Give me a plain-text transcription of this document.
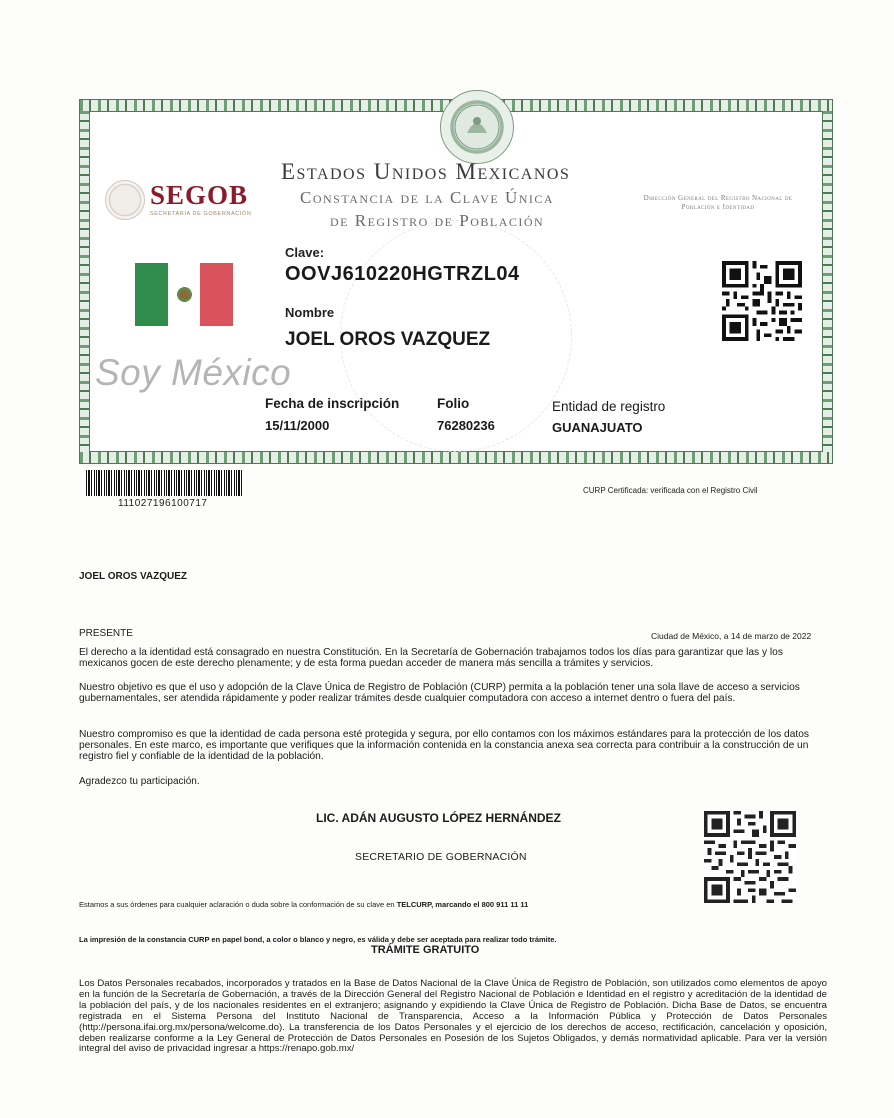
SEGOB
SECRETARÍA DE GOBERNACIÓN
Estados Unidos Mexicanos
Constancia de la Clave Única
de Registro de Población
Dirección General del Registro Nacional de Población e Identidad
Soy México
Clave:
OOVJ610220HGTRZL04
Nombre
JOEL OROS VAZQUEZ
Fecha de inscripción
15/11/2000
Folio
76280236
Entidad de registro
GUANAJUATO
111027196100717
CURP Certificada: verificada con el Registro Civil
JOEL OROS VAZQUEZ
PRESENTE	Ciudad de México, a 14 de marzo de 2022
El derecho a la identidad está consagrado en nuestra Constitución. En la Secretaría de Gobernación trabajamos todos los días para garantizar que las y los mexicanos gocen de este derecho plenamente; y de esta forma puedan acceder de manera más sencilla a trámites y servicios.
Nuestro objetivo es que el uso y adopción de la Clave Única de Registro de Población (CURP) permita a la población tener una sola llave de acceso a servicios gubernamentales, ser atendida rápidamente y poder realizar trámites desde cualquier computadora con acceso a internet dentro o fuera del país.
Nuestro compromiso es que la identidad de cada persona esté protegida y segura, por ello contamos con los máximos estándares para la protección de los datos personales. En este marco, es importante que verifiques que la información contenida en la constancia anexa sea correcta para contribuir a la construcción de un registro fiel y confiable de la identidad de la población.
Agradezco tu participación.
LIC. ADÁN AUGUSTO LÓPEZ HERNÁNDEZ
SECRETARIO DE GOBERNACIÓN
Estamos a sus órdenes para cualquier aclaración o duda sobre la conformación de su clave en TELCURP, marcando el 800 911 11 11
La impresión de la constancia CURP en papel bond, a color o blanco y negro, es válida y debe ser aceptada para realizar todo trámite.
TRÁMITE GRATUITO
Los Datos Personales recabados, incorporados y tratados en la Base de Datos Nacional de la Clave Única de Registro de Población, son utilizados como elementos de apoyo en la función de la Secretaría de Gobernación, a través de la Dirección General del Registro Nacional de Población e Identidad en el registro y acreditación de la identidad de la población del país, y de los nacionales residentes en el extranjero; asignando y expidiendo la Clave Única de Registro de Población. Dicha Base de Datos, se encuentra registrada en el Sistema Persona del Instituto Nacional de Transparencia, Acceso a la Información Pública y Protección de Datos Personales (http://persona.ifai.org.mx/persona/welcome.do). La transferencia de los Datos Personales y el ejercicio de los derechos de acceso, rectificación, cancelación y oposición, deben realizarse conforme a la Ley General de Protección de Datos Personales en Posesión de los Sujetos Obligados, y demás normatividad aplicable. Para ver la versión integral del aviso de privacidad ingresar a https://renapo.gob.mx/
